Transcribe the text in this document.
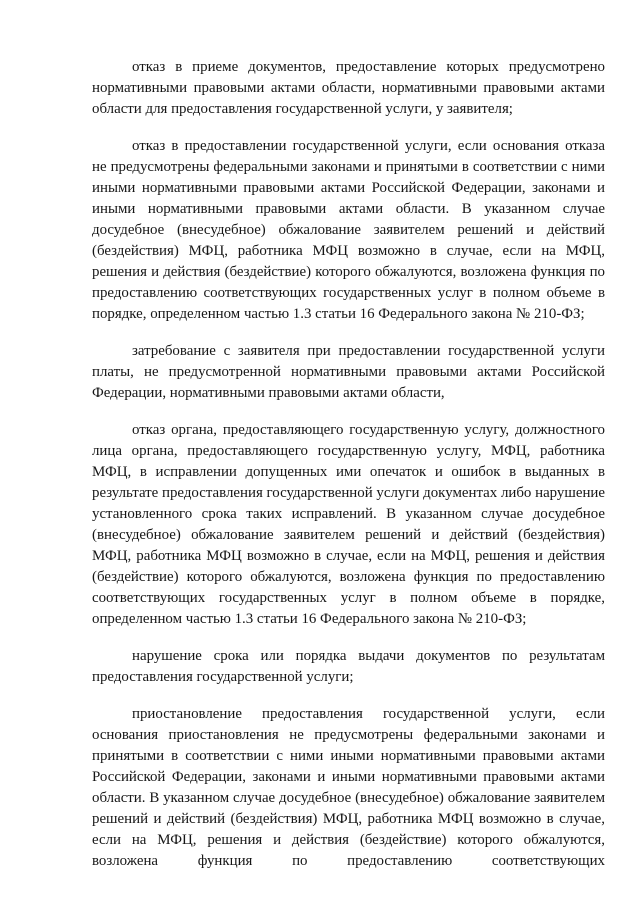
отказ в приеме документов, предоставление которых предусмотрено нормативными правовыми актами области, нормативными правовыми актами области для предоставления государственной услуги, у заявителя;

отказ в предоставлении государственной услуги, если основания отказа не предусмотрены федеральными законами и принятыми в соответствии с ними иными нормативными правовыми актами Российской Федерации, законами и иными нормативными правовыми актами области. В указанном случае досудебное (внесудебное) обжалование заявителем решений и действий (бездействия) МФЦ, работника МФЦ возможно в случае, если на МФЦ, решения и действия (бездействие) которого обжалуются, возложена функция по предоставлению соответствующих государственных услуг в полном объеме в порядке, определенном частью 1.3 статьи 16 Федерального закона № 210-ФЗ;

затребование с заявителя при предоставлении государственной услуги платы, не предусмотренной нормативными правовыми актами Российской Федерации, нормативными правовыми актами области,

отказ органа, предоставляющего государственную услугу, должностного лица органа, предоставляющего государственную услугу, МФЦ, работника МФЦ, в исправлении допущенных ими опечаток и ошибок в выданных в результате предоставления государственной услуги документах либо нарушение установленного срока таких исправлений. В указанном случае досудебное (внесудебное) обжалование заявителем решений и действий (бездействия) МФЦ, работника МФЦ возможно в случае, если на МФЦ, решения и действия (бездействие) которого обжалуются, возложена функция по предоставлению соответствующих государственных услуг в полном объеме в порядке, определенном частью 1.3 статьи 16 Федерального закона № 210-ФЗ;

нарушение срока или порядка выдачи документов по результатам предоставления государственной услуги;

приостановление предоставления государственной услуги, если основания приостановления не предусмотрены федеральными законами и принятыми в соответствии с ними иными нормативными правовыми актами Российской Федерации, законами и иными нормативными правовыми актами области. В указанном случае досудебное (внесудебное) обжалование заявителем решений и действий (бездействия) МФЦ, работника МФЦ возможно в случае, если на МФЦ, решения и действия (бездействие) которого обжалуются, возложена функция по предоставлению соответствующих
